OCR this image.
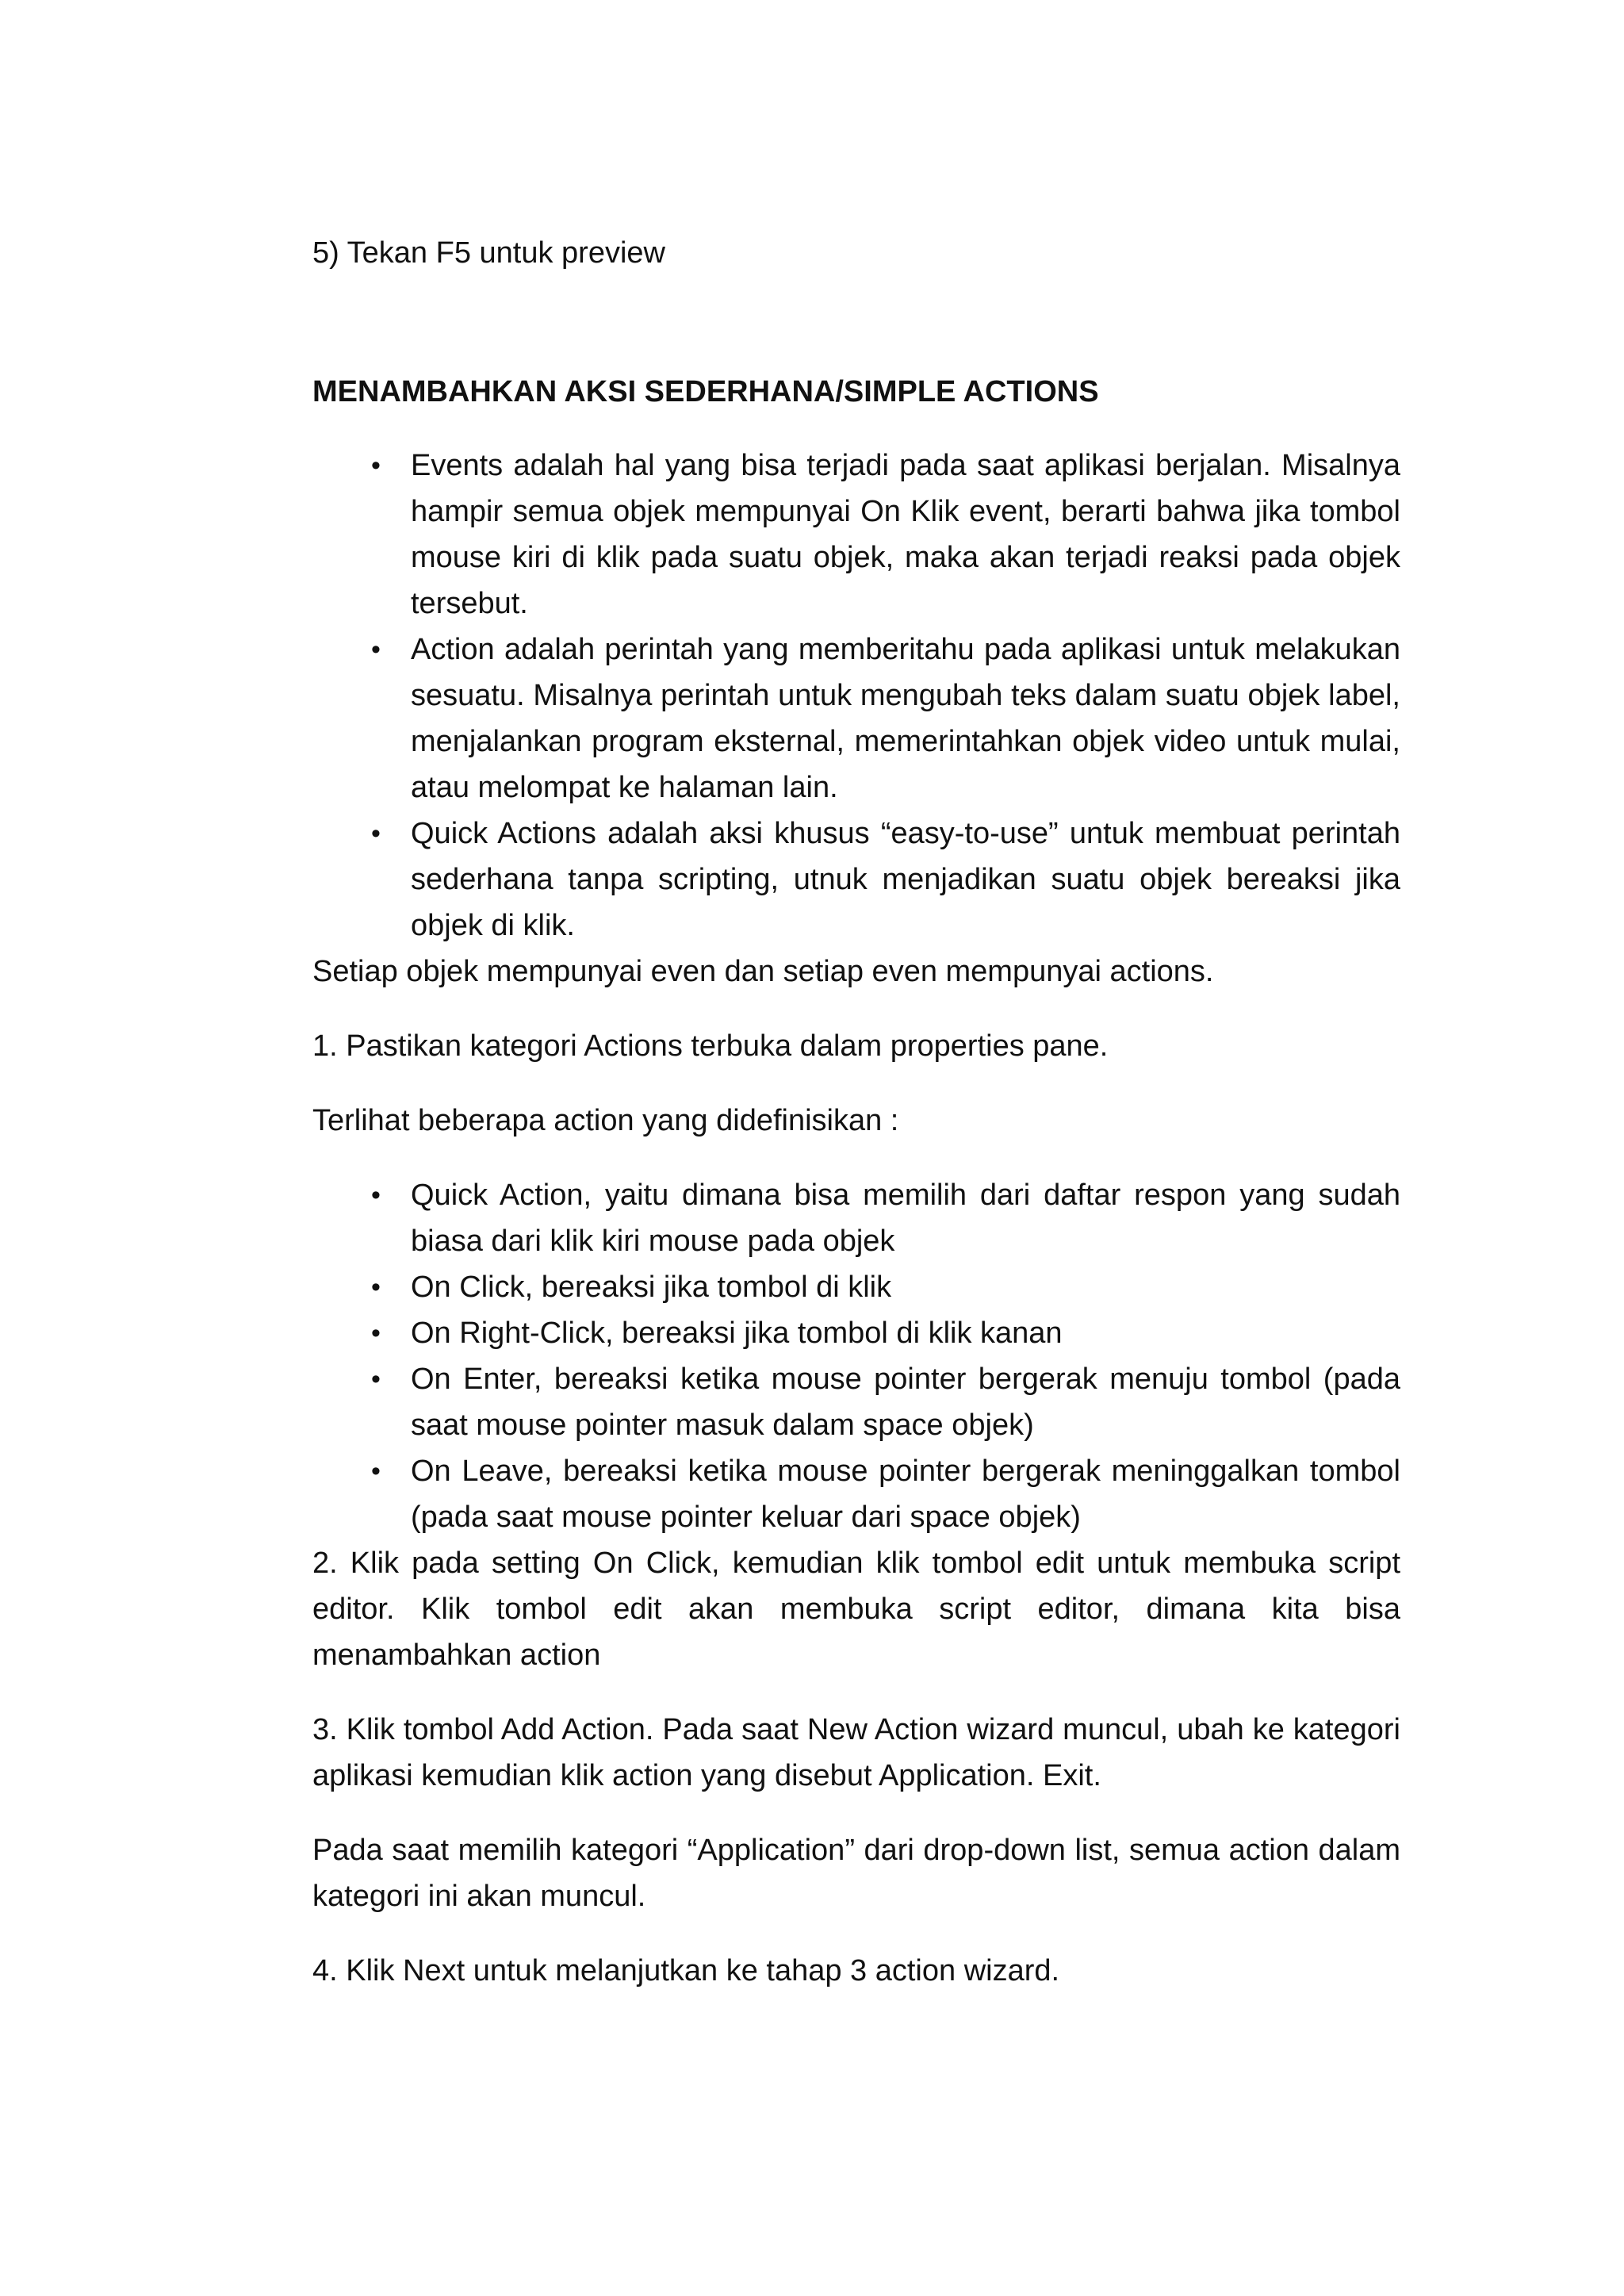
5) Tekan F5 untuk preview

MENAMBAHKAN AKSI SEDERHANA/SIMPLE ACTIONS

• Events adalah hal yang bisa terjadi pada saat aplikasi berjalan. Misalnya hampir semua objek mempunyai On Klik event, berarti bahwa jika tombol mouse kiri di klik pada suatu objek, maka akan terjadi reaksi pada objek tersebut.
• Action adalah perintah yang memberitahu pada aplikasi untuk melakukan sesuatu. Misalnya perintah untuk mengubah teks dalam suatu objek label, menjalankan program eksternal, memerintahkan objek video untuk mulai, atau melompat ke halaman lain.
• Quick Actions adalah aksi khusus “easy-to-use” untuk membuat perintah sederhana tanpa scripting, utnuk menjadikan suatu objek bereaksi jika objek di klik.

Setiap objek mempunyai even dan setiap even mempunyai actions.

1. Pastikan kategori Actions terbuka dalam properties pane.

Terlihat beberapa action yang didefinisikan :

• Quick Action, yaitu dimana bisa memilih dari daftar respon yang sudah biasa dari klik kiri mouse pada objek
• On Click, bereaksi jika tombol di klik
• On Right-Click, bereaksi jika tombol di klik kanan
• On Enter, bereaksi ketika mouse pointer bergerak menuju tombol (pada saat mouse pointer masuk dalam space objek)
• On Leave, bereaksi ketika mouse pointer bergerak meninggalkan tombol (pada saat mouse pointer keluar dari space objek)

2. Klik pada setting On Click, kemudian klik tombol edit untuk membuka script editor. Klik tombol edit akan membuka script editor, dimana kita bisa menambahkan action

3. Klik tombol Add Action. Pada saat New Action wizard muncul, ubah ke kategori aplikasi kemudian klik action yang disebut Application. Exit.

Pada saat memilih kategori “Application” dari drop-down list, semua action dalam kategori ini akan muncul.

4. Klik Next untuk melanjutkan ke tahap 3 action wizard.
